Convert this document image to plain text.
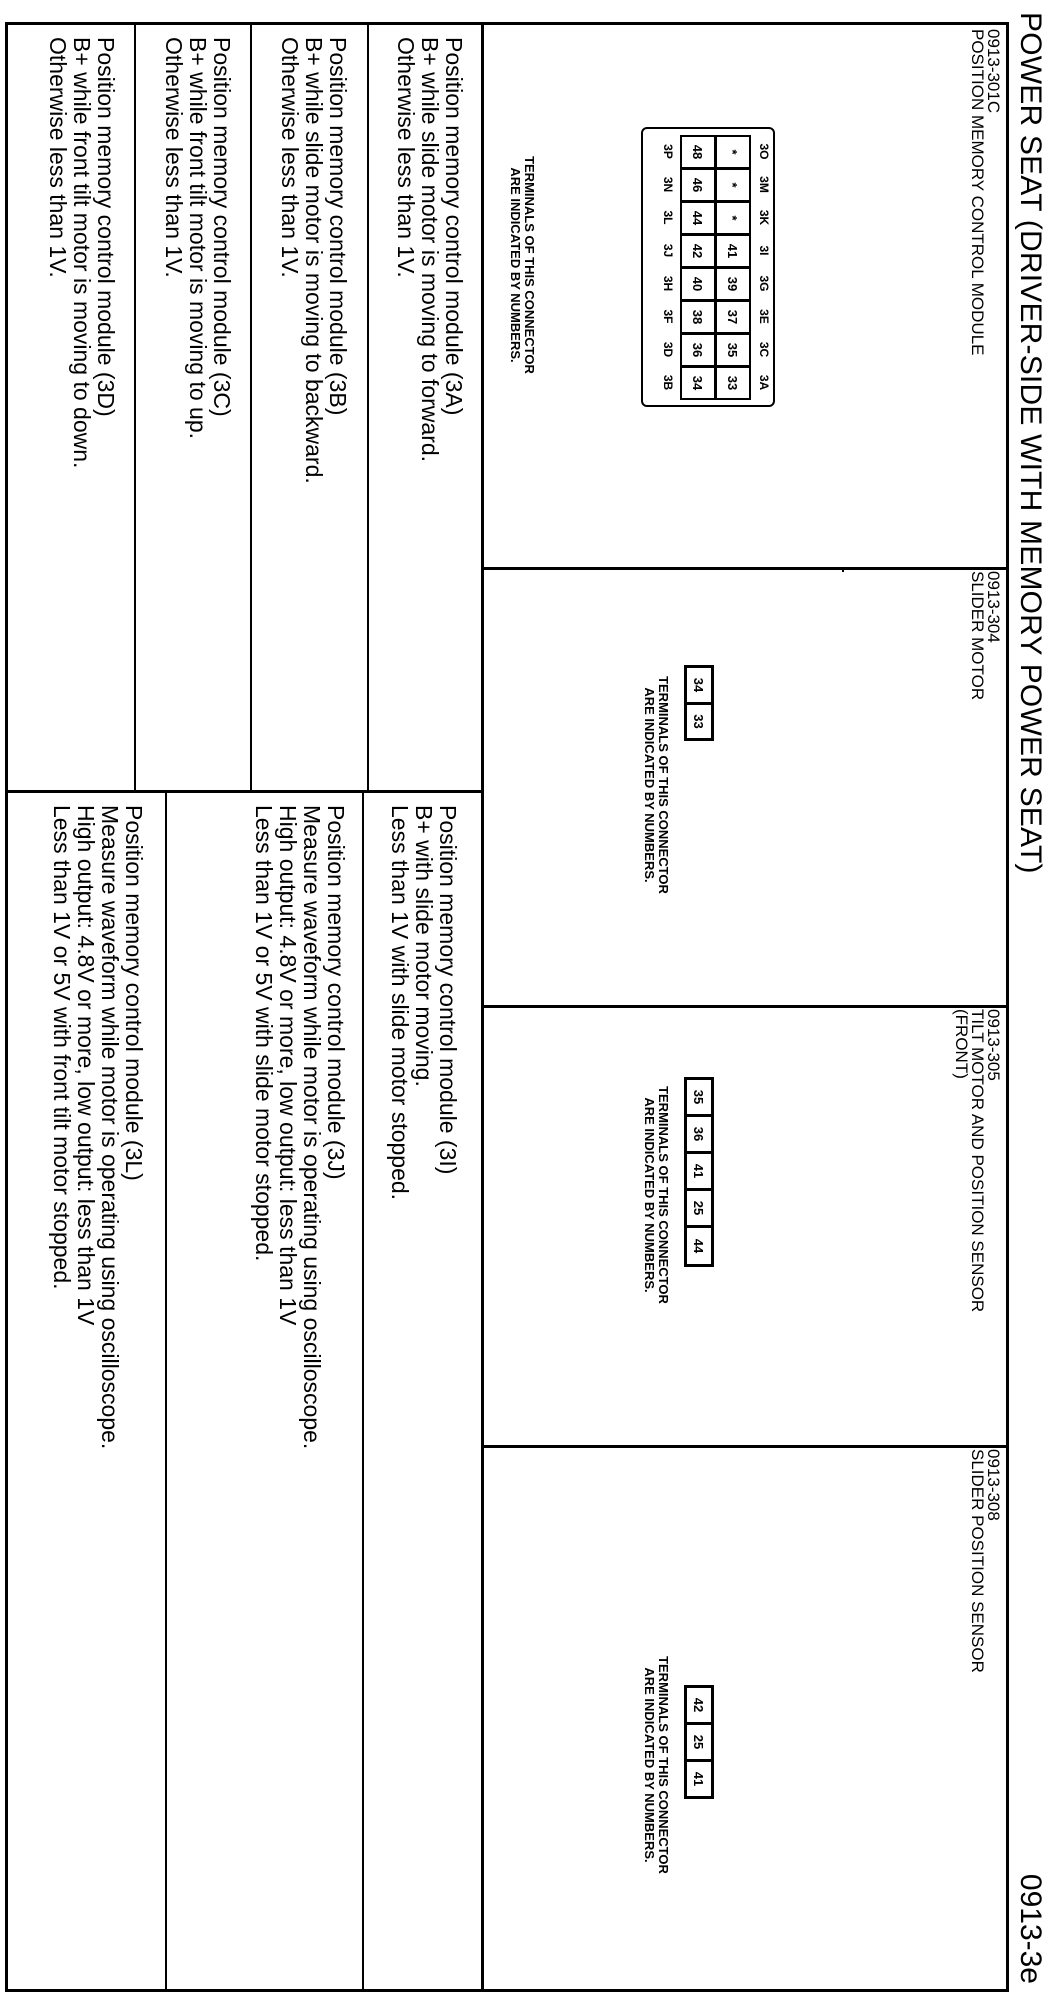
POWER SEAT (DRIVER-SIDE WITH MEMORY POWER SEAT)
0913-3e
0913-301C
POSITION MEMORY CONTROL MODULE
3O
*
48
3P
3M
*
46
3N
3K
*
44
3L
3I
41
42
3J
3G
39
40
3H
3E
37
38
3F
3C
35
36
3D
3A
33
34
3B
TERMINALS OF THIS CONNECTOR
ARE INDICATED BY NUMBERS.
0913-304
SLIDER MOTOR
34
33
TERMINALS OF THIS CONNECTOR
ARE INDICATED BY NUMBERS.
0913-305
TILT MOTOR AND POSITION SENSOR
(FRONT)
35
36
41
25
44
TERMINALS OF THIS CONNECTOR
ARE INDICATED BY NUMBERS.
0913-308
SLIDER POSITION SENSOR
42
25
41
TERMINALS OF THIS CONNECTOR
ARE INDICATED BY NUMBERS.
Position memory control module (3A)
B+ while slide motor is moving to forward.
Otherwise less than 1V.
Position memory control module (3B)
B+ while slide motor is moving to backward.
Otherwise less than 1V.
Position memory control module (3C)
B+ while front tilt motor is moving to up.
Otherwise less than 1V.
Position memory control module (3D)
B+ while front tilt motor is moving to down.
Otherwise less than 1V.
Position memory control module (3I)
B+ with slide motor moving.
Less than 1V with slide motor stopped.
Position memory control module (3J)
Measure waveform while motor is operating using oscilloscope.
High output: 4.8V or more, low output: less than 1V
Less than 1V or 5V with slide motor stopped.
Position memory control module (3L)
Measure waveform while motor is operating using oscilloscope.
High output: 4.8V or more, low output: less than 1V
Less than 1V or 5V with front tilt motor stopped.
